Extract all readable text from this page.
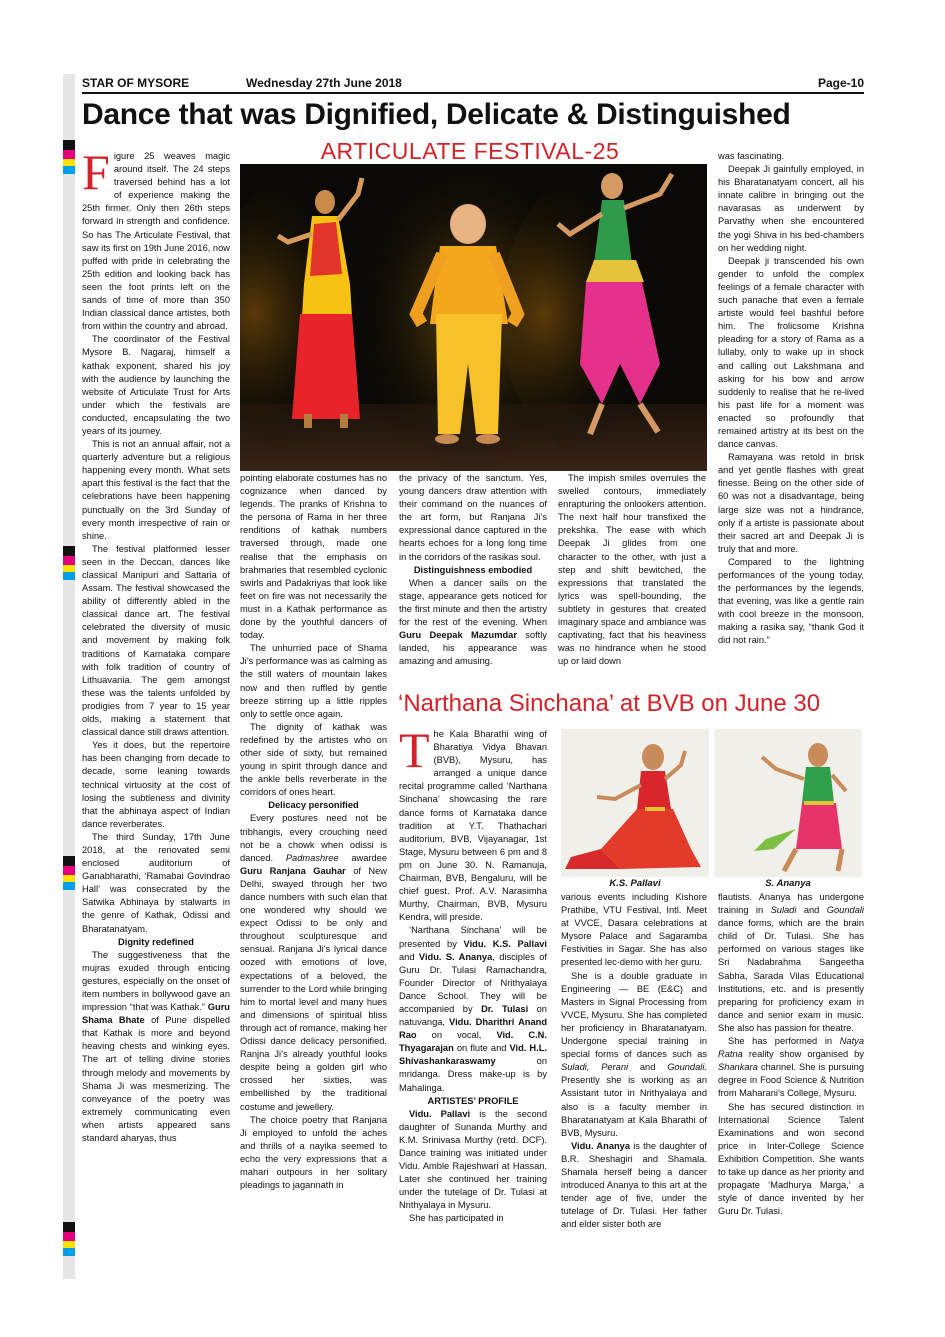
STAR OF MYSORE	Wednesday 27th June 2018	Page-10
Dance that was Dignified, Delicate & Distinguished
ARTICULATE FESTIVAL-25

Figure 25 weaves magic around itself. The 24 steps traversed behind has a lot of experience making the 25th firmer. Only then 26th steps forward in strength and confidence. So has The Articulate Festival, that saw its first on 19th June 2016, now puffed with pride in celebrating the 25th edition and looking back has seen the foot prints left on the sands of time of more than 350 Indian classical dance artistes, both from within the country and abroad.

The coordinator of the Festival Mysore B. Nagaraj, himself a kathak exponent, shared his joy with the audience by launching the website of Articulate Trust for Arts under which the festivals are conducted, encapsulating the two years of its journey.

This is not an annual affair, not a quarterly adventure but a religious happening every month. What sets apart this festival is the fact that the celebrations have been happening punctually on the 3rd Sunday of every month irrespective of rain or shine.

The festival platformed lesser seen in the Deccan, dances like classical Manipuri and Sattaria of Assam. The festival showcased the ability of differently abled in the classical dance art. The festival celebrated the diversity of music and movement by making folk traditions of Karnataka compare with folk tradition of country of Lithuavania. The gem amongst these was the talents unfolded by prodigies from 7 year to 15 year olds, making a statement that classical dance still draws attention.

Yes it does, but the repertoire has been changing from decade to decade, some leaning towards technical virtuosity at the cost of losing the subtleness and divinity that the abhinaya aspect of Indian dance reverberates.

The third Sunday, 17th June 2018, at the renovated semi enclosed auditorium of Ganabharathi, ‘Ramabai Govindrao Hall’ was consecrated by the Satwika Abhinaya by stalwarts in the genre of Kathak, Odissi and Bharatanatyam.

Dignity redefined

The suggestiveness that the mujras exuded through enticing gestures, especially on the onset of item numbers in bollywood gave an impression “that was Kathak.” Guru Shama Bhate of Pune dispelled that Kathak is more and beyond heaving chests and winking eyes. The art of telling divine stories through melody and movements by Shama Ji was mesmerizing. The conveyance of the poetry was extremely communicating even when artists appeared sans standard aharyas, thus

pointing elaborate costumes has no cognizance when danced by legends. The pranks of Krishna to the persona of Rama in her three renditions of kathak numbers traversed through, made one realise that the emphasis on brahmaries that resembled cyclonic swirls and Padakriyas that look like feet on fire was not necessarily the must in a Kathak performance as done by the youthful dancers of today.

The unhurried pace of Shama Ji’s performance was as calming as the still waters of mountain lakes now and then ruffled by gentle breeze stirring up a little ripples only to settle once again.

The dignity of kathak was redefined by the artistes who on other side of sixty, but remained young in spirit through dance and the ankle bells reverberate in the corridors of ones heart.

Delicacy personified

Every postures need not be tribhangis, every crouching need not be a chowk when odissi is danced. Padmashree awardee Guru Ranjana Gauhar of New Delhi, swayed through her two dance numbers with such élan that one wondered why should we expect Odissi to be only and throughout sculpturesque and sensual. Ranjana Ji’s lyrical dance oozed with emotions of love, expectations of a beloved, the surrender to the Lord while bringing him to mortal level and many hues and dimensions of spiritual bliss through act of romance, making her Odissi dance delicacy personified. Ranjna Ji’s already youthful looks despite being a golden girl who crossed her sixties, was embellished by the traditional costume and jewellery.

The choice poetry that Ranjana Ji employed to unfold the aches and thrills of a nayika seemed to echo the very expressions that a mahari outpours in her solitary pleadings to jagannath in

the privacy of the sanctum. Yes, young dancers draw attention with their command on the nuances of the art form, but Ranjana Ji’s expressional dance captured in the hearts echoes for a long long time in the corridors of the rasikas soul.

Distinguishness embodied

When a dancer sails on the stage, appearance gets noticed for the first minute and then the artistry for the rest of the evening. When Guru Deepak Mazumdar softly landed, his appearance was amazing and amusing.

The impish smiles overrules the swelled contours, immediately enrapturing the onlookers attention. The next half hour transfixed the prekshka. The ease with which Deepak Ji glides from one character to the other, with just a step and shift bewitched, the expressions that translated the lyrics was spell-bounding, the subtlety in gestures that created imaginary space and ambiance was captivating, fact that his heaviness was no hindrance when he stood up or laid down

was fascinating.

Deepak Ji gainfully employed, in his Bharatanatyam concert, all his innate calibre in bringing out the navarasas as underwent by Parvathy when she encountered the yogi Shiva in his bed-chambers on her wedding night.

Deepak ji transcended his own gender to unfold the complex feelings of a female character with such panache that even a female artiste would feel bashful before him. The frolicsome Krishna pleading for a story of Rama as a lullaby, only to wake up in shock and calling out Lakshmana and asking for his bow and arrow suddenly to realise that he re-lived his past life for a moment was enacted so profoundly that remained artistry at its best on the dance canvas.

Ramayana was retold in brisk and yet gentle flashes with great finesse. Being on the other side of 60 was not a disadvantage, being large size was not a hindrance, only if a artiste is passionate about their sacred art and Deepak Ji is truly that and more.

Compared to the lightning performances of the young today, the performances by the legends, that evening, was like a gentle rain with cool breeze in the monsoon, making a rasika say, “thank God it did not rain.”

‘Narthana Sinchana’ at BVB on June 30

The Kala Bharathi wing of Bharatiya Vidya Bhavan (BVB), Mysuru, has arranged a unique dance recital programme called ‘Narthana Sinchana’ showcasing the rare dance forms of Karnataka dance tradition at Y.T. Thathachari auditorium, BVB, Vijayanagar, 1st Stage, Mysuru between 6 pm and 8 pm on June 30. N. Ramanuja, Chairman, BVB, Bengaluru, will be chief guest. Prof. A.V. Narasimha Murthy, Chairman, BVB, Mysuru Kendra, will preside.

‘Narthana Sinchana’ will be presented by Vidu. K.S. Pallavi and Vidu. S. Ananya, disciples of Guru Dr. Tulasi Ramachandra, Founder Director of Nrithyalaya Dance School. They will be accompanied by Dr. Tulasi on natuvanga, Vidu. Dharithri Anand Rao on vocal, Vid. C.N. Thyagarajan on flute and Vid. H.L. Shivashankaraswamy on mridanga. Dress make-up is by Mahalinga.

ARTISTES’ PROFILE

Vidu. Pallavi is the second daughter of Sunanda Murthy and K.M. Srinivasa Murthy (retd. DCF). Dance training was initiated under Vidu. Amble Rajeshwari at Hassan. Later she continued her training under the tutelage of Dr. Tulasi at Nrithyalaya in Mysuru.

She has participated in

K.S. Pallavi	S. Ananya

various events including Kishore Prathibe, VTU Festival, Intl. Meet at VVCE, Dasara celebrations at Mysore Palace and Sagaramba Festivities in Sagar. She has also presented lec-demo with her guru.

She is a double graduate in Engineering — BE (E&C) and Masters in Signal Processing from VVCE, Mysuru. She has completed her proficiency in Bharatanatyam. Undergone special training in special forms of dances such as Suladi, Perani and Goundali. Presently she is working as an Assistant tutor in Nrithyalaya and also is a faculty member in Bharatanatyam at Kala Bharathi of BVB, Mysuru.

Vidu. Ananya is the daughter of B.R. Sheshagiri and Shamala. Shamala herself being a dancer introduced Ananya to this art at the tender age of five, under the tutelage of Dr. Tulasi. Her father and elder sister both are

flautists. Ananya has undergone training in Suladi and Goundali dance forms, which are the brain child of Dr. Tulasi. She has performed on various stages like Sri Nadabrahma Sangeetha Sabha, Sarada Vilas Educational Institutions, etc. and is presently preparing for proficiency exam in dance and senior exam in music. She also has passion for theatre.

She has performed in Natya Ratna reality show organised by Shankara channel. She is pursuing degree in Food Science & Nutrition from Maharani’s College, Mysuru.

She has secured distinction in International Science Talent Examinations and won second price in Inter-College Science Exhibition Competition. She wants to take up dance as her priority and propagate ‘Madhurya Marga,’ a style of dance invented by her Guru Dr. Tulasi.
